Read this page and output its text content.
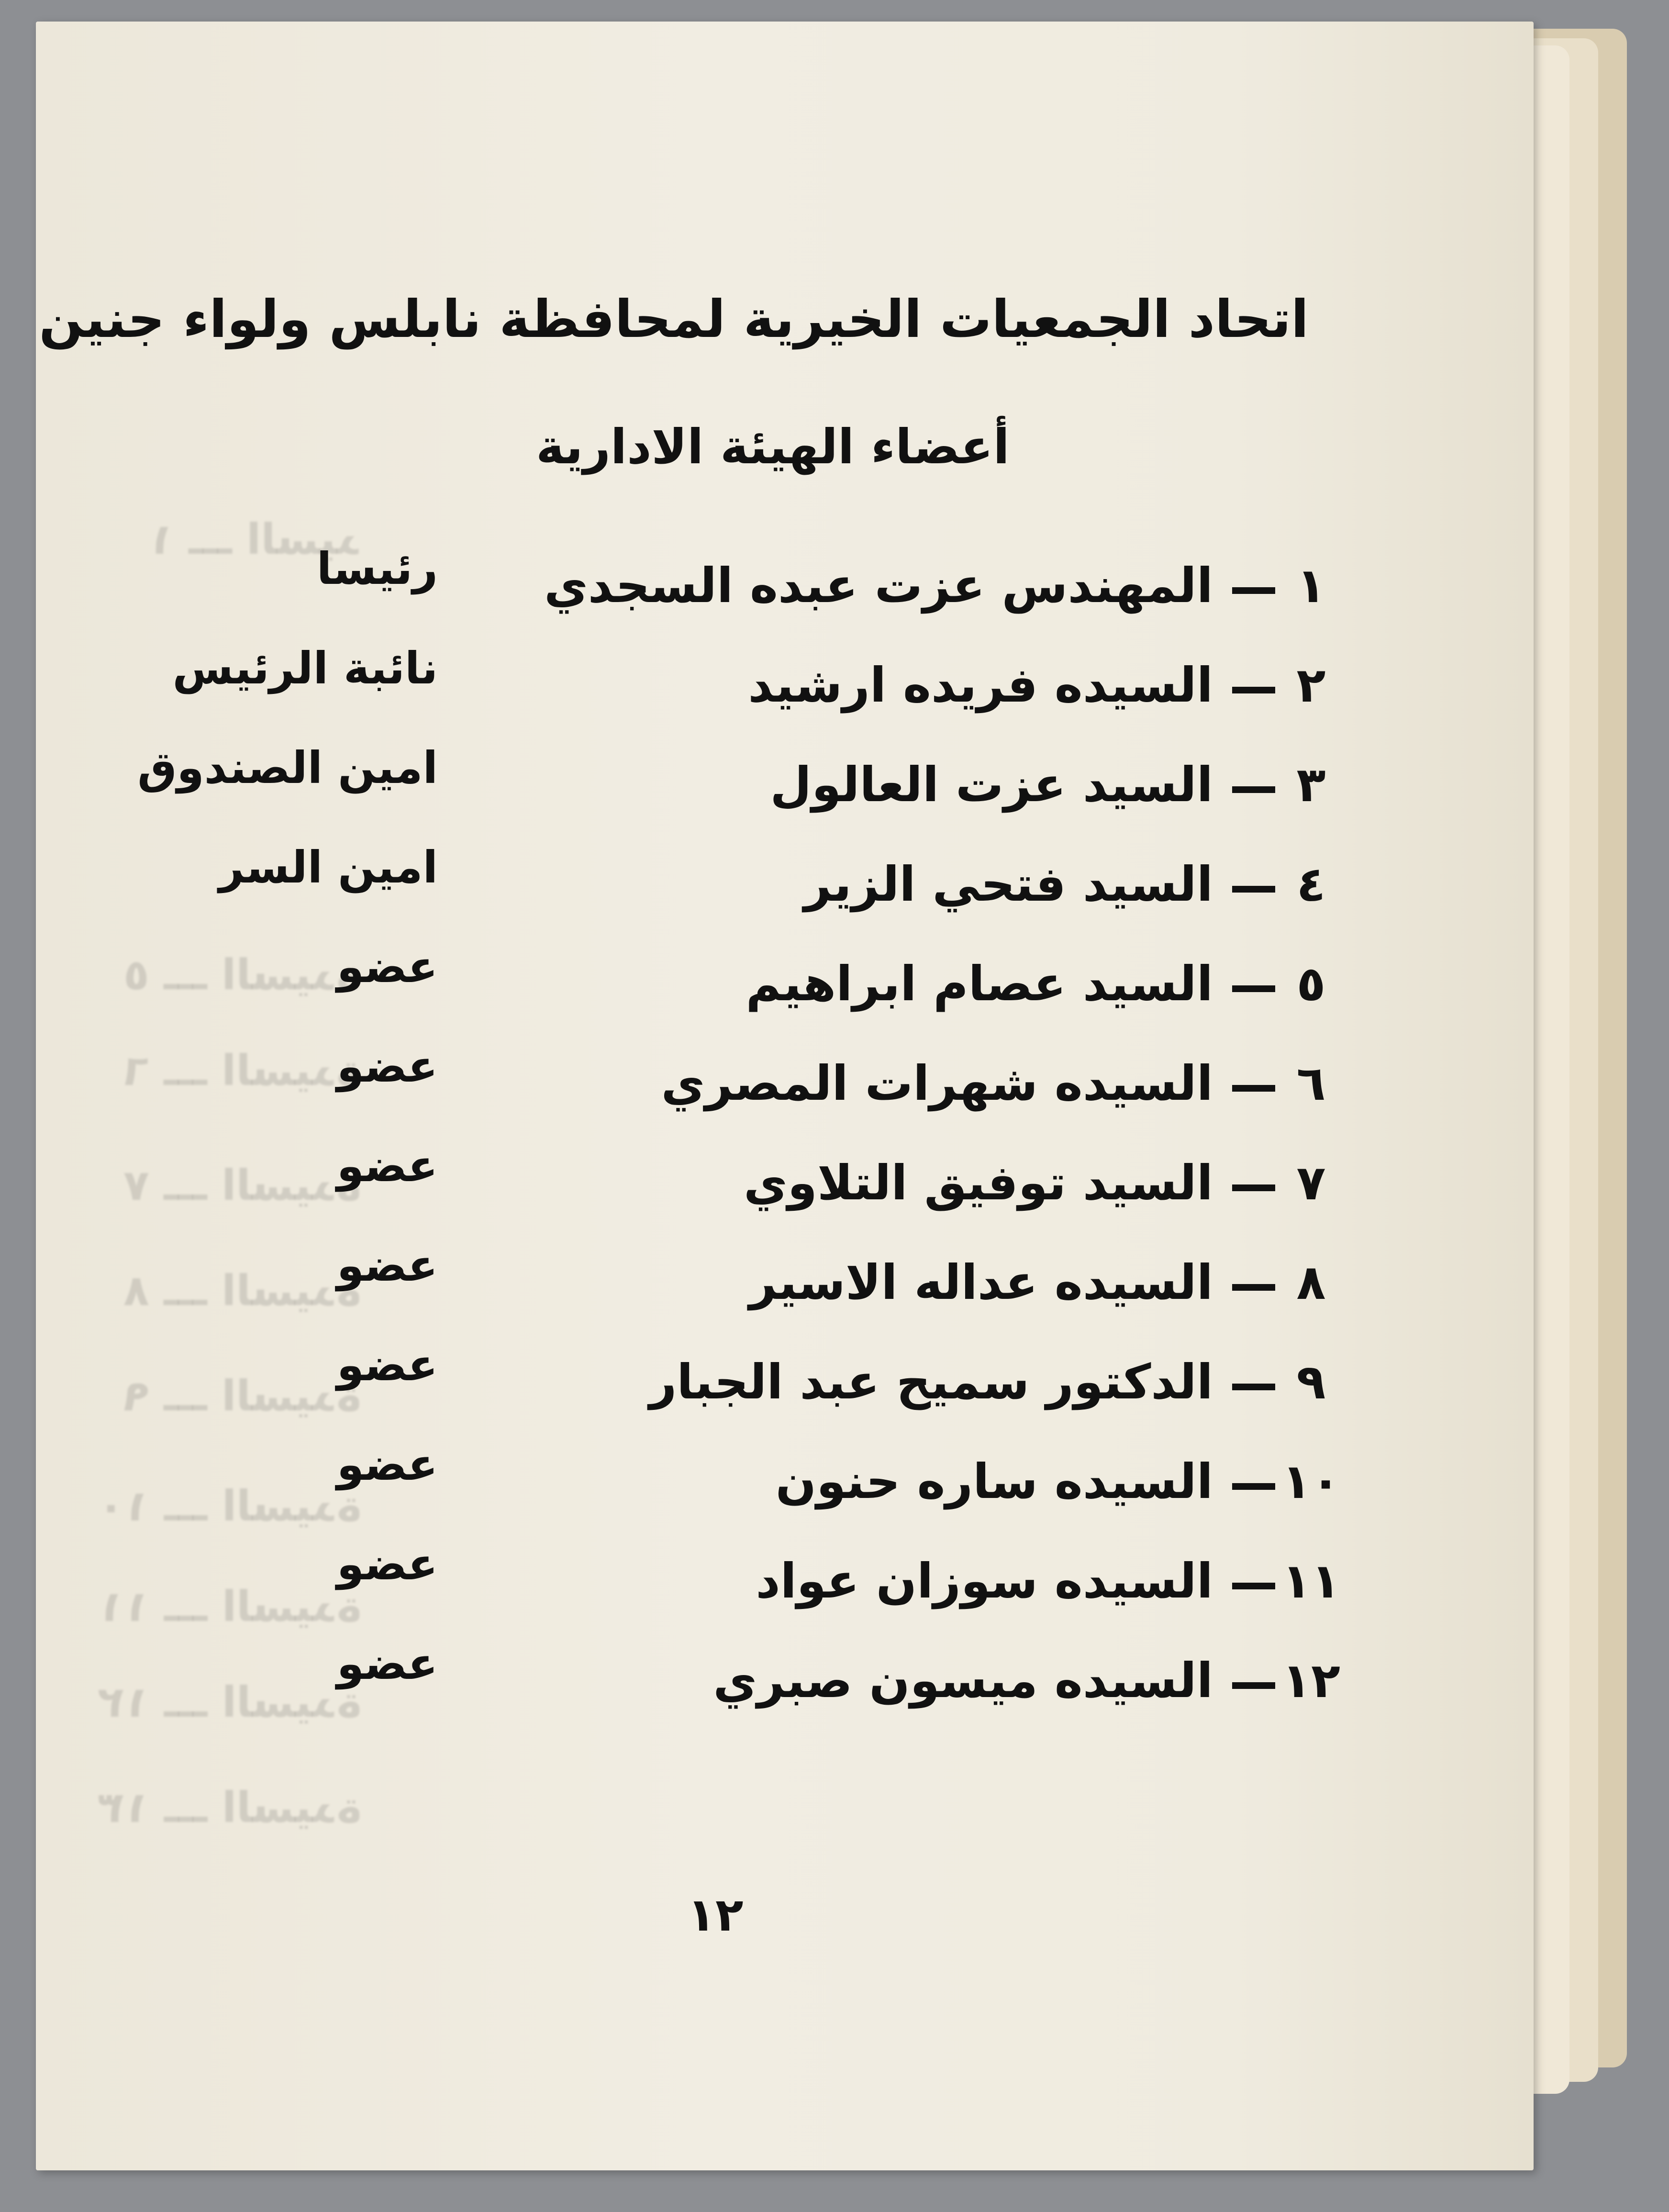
١ ـــ السيد
٥ ـــ السيدة
٦ ـــ السيدة
٧ ـــ السيدة
٨ ـــ السيدة
٩ ـــ السيدة
١٠ ـــ السيدة
١١ ـــ السيدة
١٢ ـــ السيدة
١٣ ـــ السيدة
اتحاد الجمعيات الخيرية لمحافظة نابلس ولواء جنين
أعضاء الهيئة الادارية
١
المهندس عزت عبده السجدي
رئيسا
٢
السيده فريده ارشيد
نائبة الرئيس
٣
السيد عزت العالول
امين الصندوق
٤
السيد فتحي الزير
امين السر
٥
السيد عصام ابراهيم
عضو
٦
السيده شهرات المصري
عضو
٧
السيد توفيق التلاوي
عضو
٨
السيده عداله الاسير
عضو
٩
الدكتور سميح عبد الجبار
عضو
١٠
السيده ساره حنون
عضو
١١
السيده سوزان عواد
عضو
١٢
السيده ميسون صبري
عضو
١٢
